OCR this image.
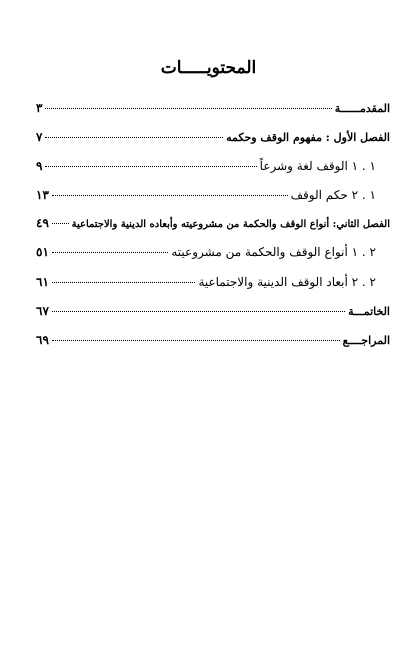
المحتويـــــات
المقدمــــــة
٣
الفصل الأول : مفهوم الوقف وحكمه
٧
١ . ١ الوقف لغة وشرعاً
٩
١ . ٢ حكم الوقف
١٣
الفصل الثاني: أنواع الوقف والحكمة من مشروعيته وأبعاده الدينية والاجتماعية
٤٩
٢ . ١ أنواع الوقف والحكمة من مشروعيته
٥١
٢ . ٢ أبعاد الوقف الدينية والاجتماعية
٦١
الخاتمـــة
٦٧
المراجــــع
٦٩
